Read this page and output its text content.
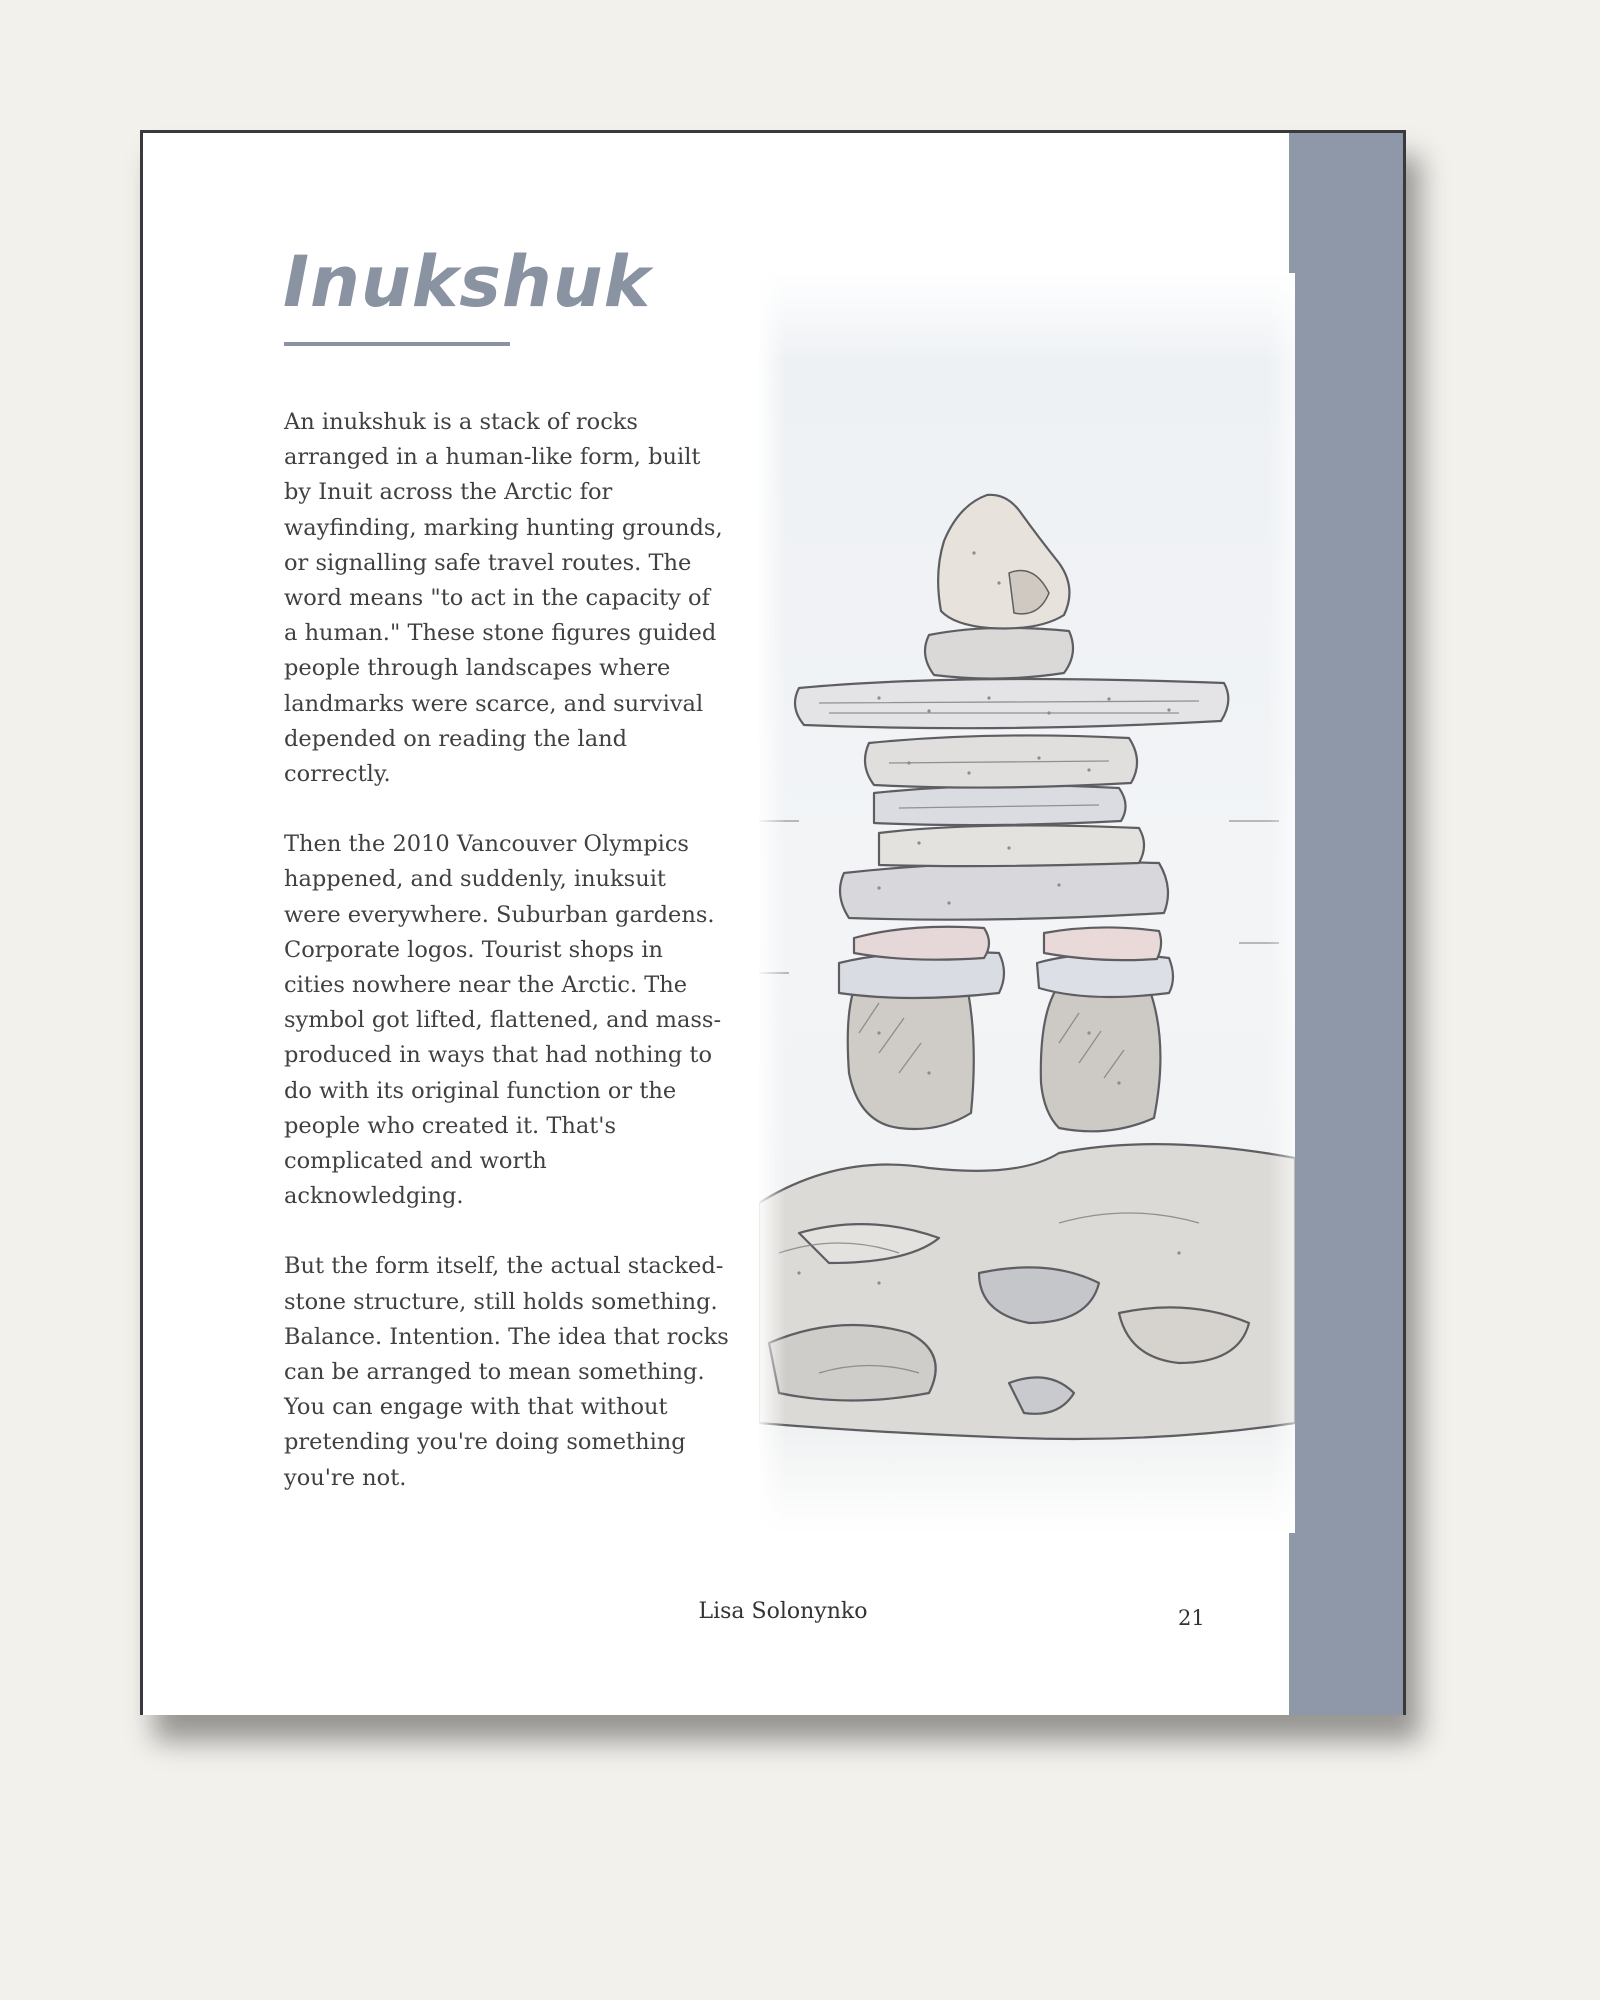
Inukshuk

An inukshuk is a stack of rocks arranged in a human-like form, built by Inuit across the Arctic for wayfinding, marking hunting grounds, or signalling safe travel routes. The word means "to act in the capacity of a human." These stone figures guided people through landscapes where landmarks were scarce, and survival depended on reading the land correctly.

Then the 2010 Vancouver Olympics happened, and suddenly, inuksuit were everywhere. Suburban gardens. Corporate logos. Tourist shops in cities nowhere near the Arctic. The symbol got lifted, flattened, and mass-produced in ways that had nothing to do with its original function or the people who created it. That's complicated and worth acknowledging.

But the form itself, the actual stacked-stone structure, still holds something. Balance. Intention. The idea that rocks can be arranged to mean something. You can engage with that without pretending you're doing something you're not.

Lisa Solonynko	21
